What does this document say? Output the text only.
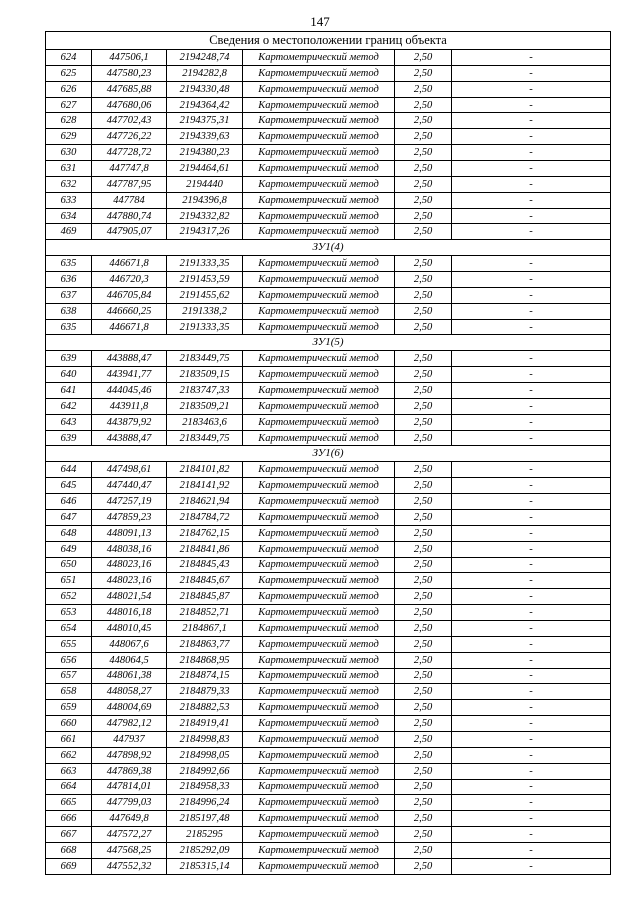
147
Сведения о местоположении границ объекта					
624	447506,1	2194248,74	Картометрический метод	2,50	-
625	447580,23	2194282,8	Картометрический метод	2,50	-
626	447685,88	2194330,48	Картометрический метод	2,50	-
627	447680,06	2194364,42	Картометрический метод	2,50	-
628	447702,43	2194375,31	Картометрический метод	2,50	-
629	447726,22	2194339,63	Картометрический метод	2,50	-
630	447728,72	2194380,23	Картометрический метод	2,50	-
631	447747,8	2194464,61	Картометрический метод	2,50	-
632	447787,95	2194440	Картометрический метод	2,50	-
633	447784	2194396,8	Картометрический метод	2,50	-
634	447880,74	2194332,82	Картометрический метод	2,50	-
469	447905,07	2194317,26	Картометрический метод	2,50	-
ЗУ1(4)					
635	446671,8	2191333,35	Картометрический метод	2,50	-
636	446720,3	2191453,59	Картометрический метод	2,50	-
637	446705,84	2191455,62	Картометрический метод	2,50	-
638	446660,25	2191338,2	Картометрический метод	2,50	-
635	446671,8	2191333,35	Картометрический метод	2,50	-
ЗУ1(5)					
639	443888,47	2183449,75	Картометрический метод	2,50	-
640	443941,77	2183509,15	Картометрический метод	2,50	-
641	444045,46	2183747,33	Картометрический метод	2,50	-
642	443911,8	2183509,21	Картометрический метод	2,50	-
643	443879,92	2183463,6	Картометрический метод	2,50	-
639	443888,47	2183449,75	Картометрический метод	2,50	-
ЗУ1(6)					
644	447498,61	2184101,82	Картометрический метод	2,50	-
645	447440,47	2184141,92	Картометрический метод	2,50	-
646	447257,19	2184621,94	Картометрический метод	2,50	-
647	447859,23	2184784,72	Картометрический метод	2,50	-
648	448091,13	2184762,15	Картометрический метод	2,50	-
649	448038,16	2184841,86	Картометрический метод	2,50	-
650	448023,16	2184845,43	Картометрический метод	2,50	-
651	448023,16	2184845,67	Картометрический метод	2,50	-
652	448021,54	2184845,87	Картометрический метод	2,50	-
653	448016,18	2184852,71	Картометрический метод	2,50	-
654	448010,45	2184867,1	Картометрический метод	2,50	-
655	448067,6	2184863,77	Картометрический метод	2,50	-
656	448064,5	2184868,95	Картометрический метод	2,50	-
657	448061,38	2184874,15	Картометрический метод	2,50	-
658	448058,27	2184879,33	Картометрический метод	2,50	-
659	448004,69	2184882,53	Картометрический метод	2,50	-
660	447982,12	2184919,41	Картометрический метод	2,50	-
661	447937	2184998,83	Картометрический метод	2,50	-
662	447898,92	2184998,05	Картометрический метод	2,50	-
663	447869,38	2184992,66	Картометрический метод	2,50	-
664	447814,01	2184958,33	Картометрический метод	2,50	-
665	447799,03	2184996,24	Картометрический метод	2,50	-
666	447649,8	2185197,48	Картометрический метод	2,50	-
667	447572,27	2185295	Картометрический метод	2,50	-
668	447568,25	2185292,09	Картометрический метод	2,50	-
669	447552,32	2185315,14	Картометрический метод	2,50	-
